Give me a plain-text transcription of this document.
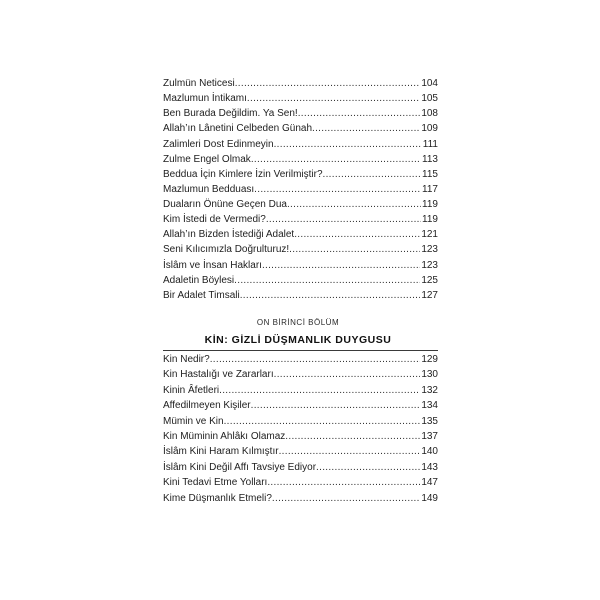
Zulmün Neticesi .....	104
Mazlumun İntikamı .....	105
Ben Burada Değildim. Ya Sen! .....	108
Allah’ın Lânetini Celbeden Günah .....	109
Zalimleri Dost Edinmeyin .....	111
Zulme Engel Olmak .....	113
Beddua İçin Kimlere İzin Verilmiştir? .....	115
Mazlumun Bedduası .....	117
Duaların Önüne Geçen Dua .....	119
Kim İstedi de Vermedi? .....	119
Allah’ın Bizden İstediği Adalet .....	121
Seni Kılıcımızla Doğrulturuz! .....	123
İslâm ve İnsan Hakları .....	123
Adaletin Böylesi .....	125
Bir Adalet Timsali .....	127
ON BİRİNCİ BÖLÜM
KİN: GİZLİ DÜŞMANLIK DUYGUSU
Kin Nedir? .....	129
Kin Hastalığı ve Zararları .....	130
Kinin Âfetleri .....	132
Affedilmeyen Kişiler .....	134
Mümin ve Kin .....	135
Kin Müminin Ahlâkı Olamaz .....	137
İslâm Kini Haram Kılmıştır .....	140
İslâm Kini Değil Affı Tavsiye Ediyor .....	143
Kini Tedavi Etme Yolları .....	147
Kime Düşmanlık Etmeli? .....	149
